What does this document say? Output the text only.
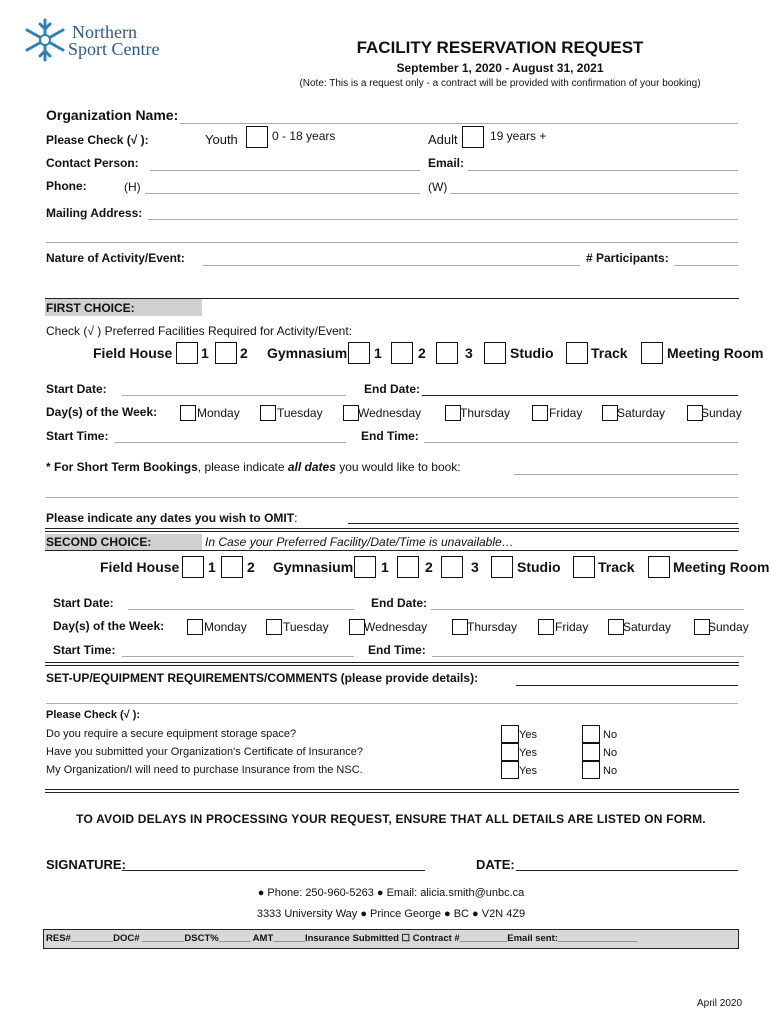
Northern
Sport Centre	FACILITY RESERVATION REQUEST
September 1, 2020 - August 31, 2021
(Note: This is a request only - a contract will be provided with confirmation of your booking)
Organization Name:
Please Check (√ ):	Youth	0 - 18 years	Adult	19 years +
Contact Person:	Email:
Phone:	(H)	(W)
Mailing Address:
Nature of Activity/Event:	# Participants:
FIRST CHOICE:
Check (√ ) Preferred Facilities Required for Activity/Event:
Field House 1 2 Gymnasium 1	2	3	Studio	Track	Meeting Room
Start Date:	End Date:
Day(s) of the Week:	Monday	Tuesday	Wednesday	Thursday	Friday	Saturday	Sunday
Start Time:	End Time:
* For Short Term Bookings, please indicate all dates you would like to book:
Please indicate any dates you wish to OMIT:
SECOND CHOICE:	In Case your Preferred Facility/Date/Time is unavailable…
Field House 1 2 Gymnasium 1	2	3	Studio	Track	Meeting Room
Start Date:	End Date:
Day(s) of the Week:	Monday	Tuesday	Wednesday	Thursday	Friday	Saturday	Sunday
Start Time:	End Time:
SET-UP/EQUIPMENT REQUIREMENTS/COMMENTS (please provide details):
Please Check (√ ):
Do you require a secure equipment storage space?	Yes	No
Have you submitted your Organization's Certificate of Insurance?	Yes	No
My Organization/I will need to purchase Insurance from the NSC.	Yes	No
TO AVOID DELAYS IN PROCESSING YOUR REQUEST, ENSURE THAT ALL DETAILS ARE LISTED ON FORM.
SIGNATURE:	DATE:
● Phone: 250-960-5263 ● Email: alicia.smith@unbc.ca
3333 University Way ● Prince George ● BC ● V2N 4Z9
RES#________DOC# ________DSCT%______ AMT______Insurance Submitted ☐ Contract #_________Email sent:_______________
April 2020
